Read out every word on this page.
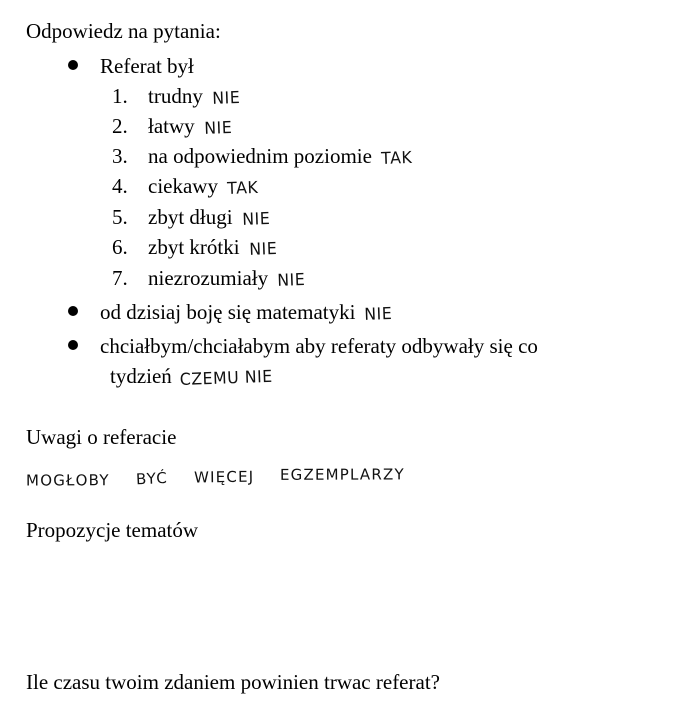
Odpowiedz na pytania:
Referat był
1. trudny NIE
2. łatwy NIE
3. na odpowiednim poziomie TAK
4. ciekawy TAK
5. zbyt długi NIE
6. zbyt krótki NIE
7. niezrozumiały NIE
od dzisiaj boję się matematyki NIE
chciałbym/chciałabym aby referaty odbywały się co
tydzień CZEMU NIE
Uwagi o referacie
MOGŁOBY BYĆ WIĘCEJ EGZEMPLARZY
Propozycje tematów
Ile czasu twoim zdaniem powinien trwac referat?
